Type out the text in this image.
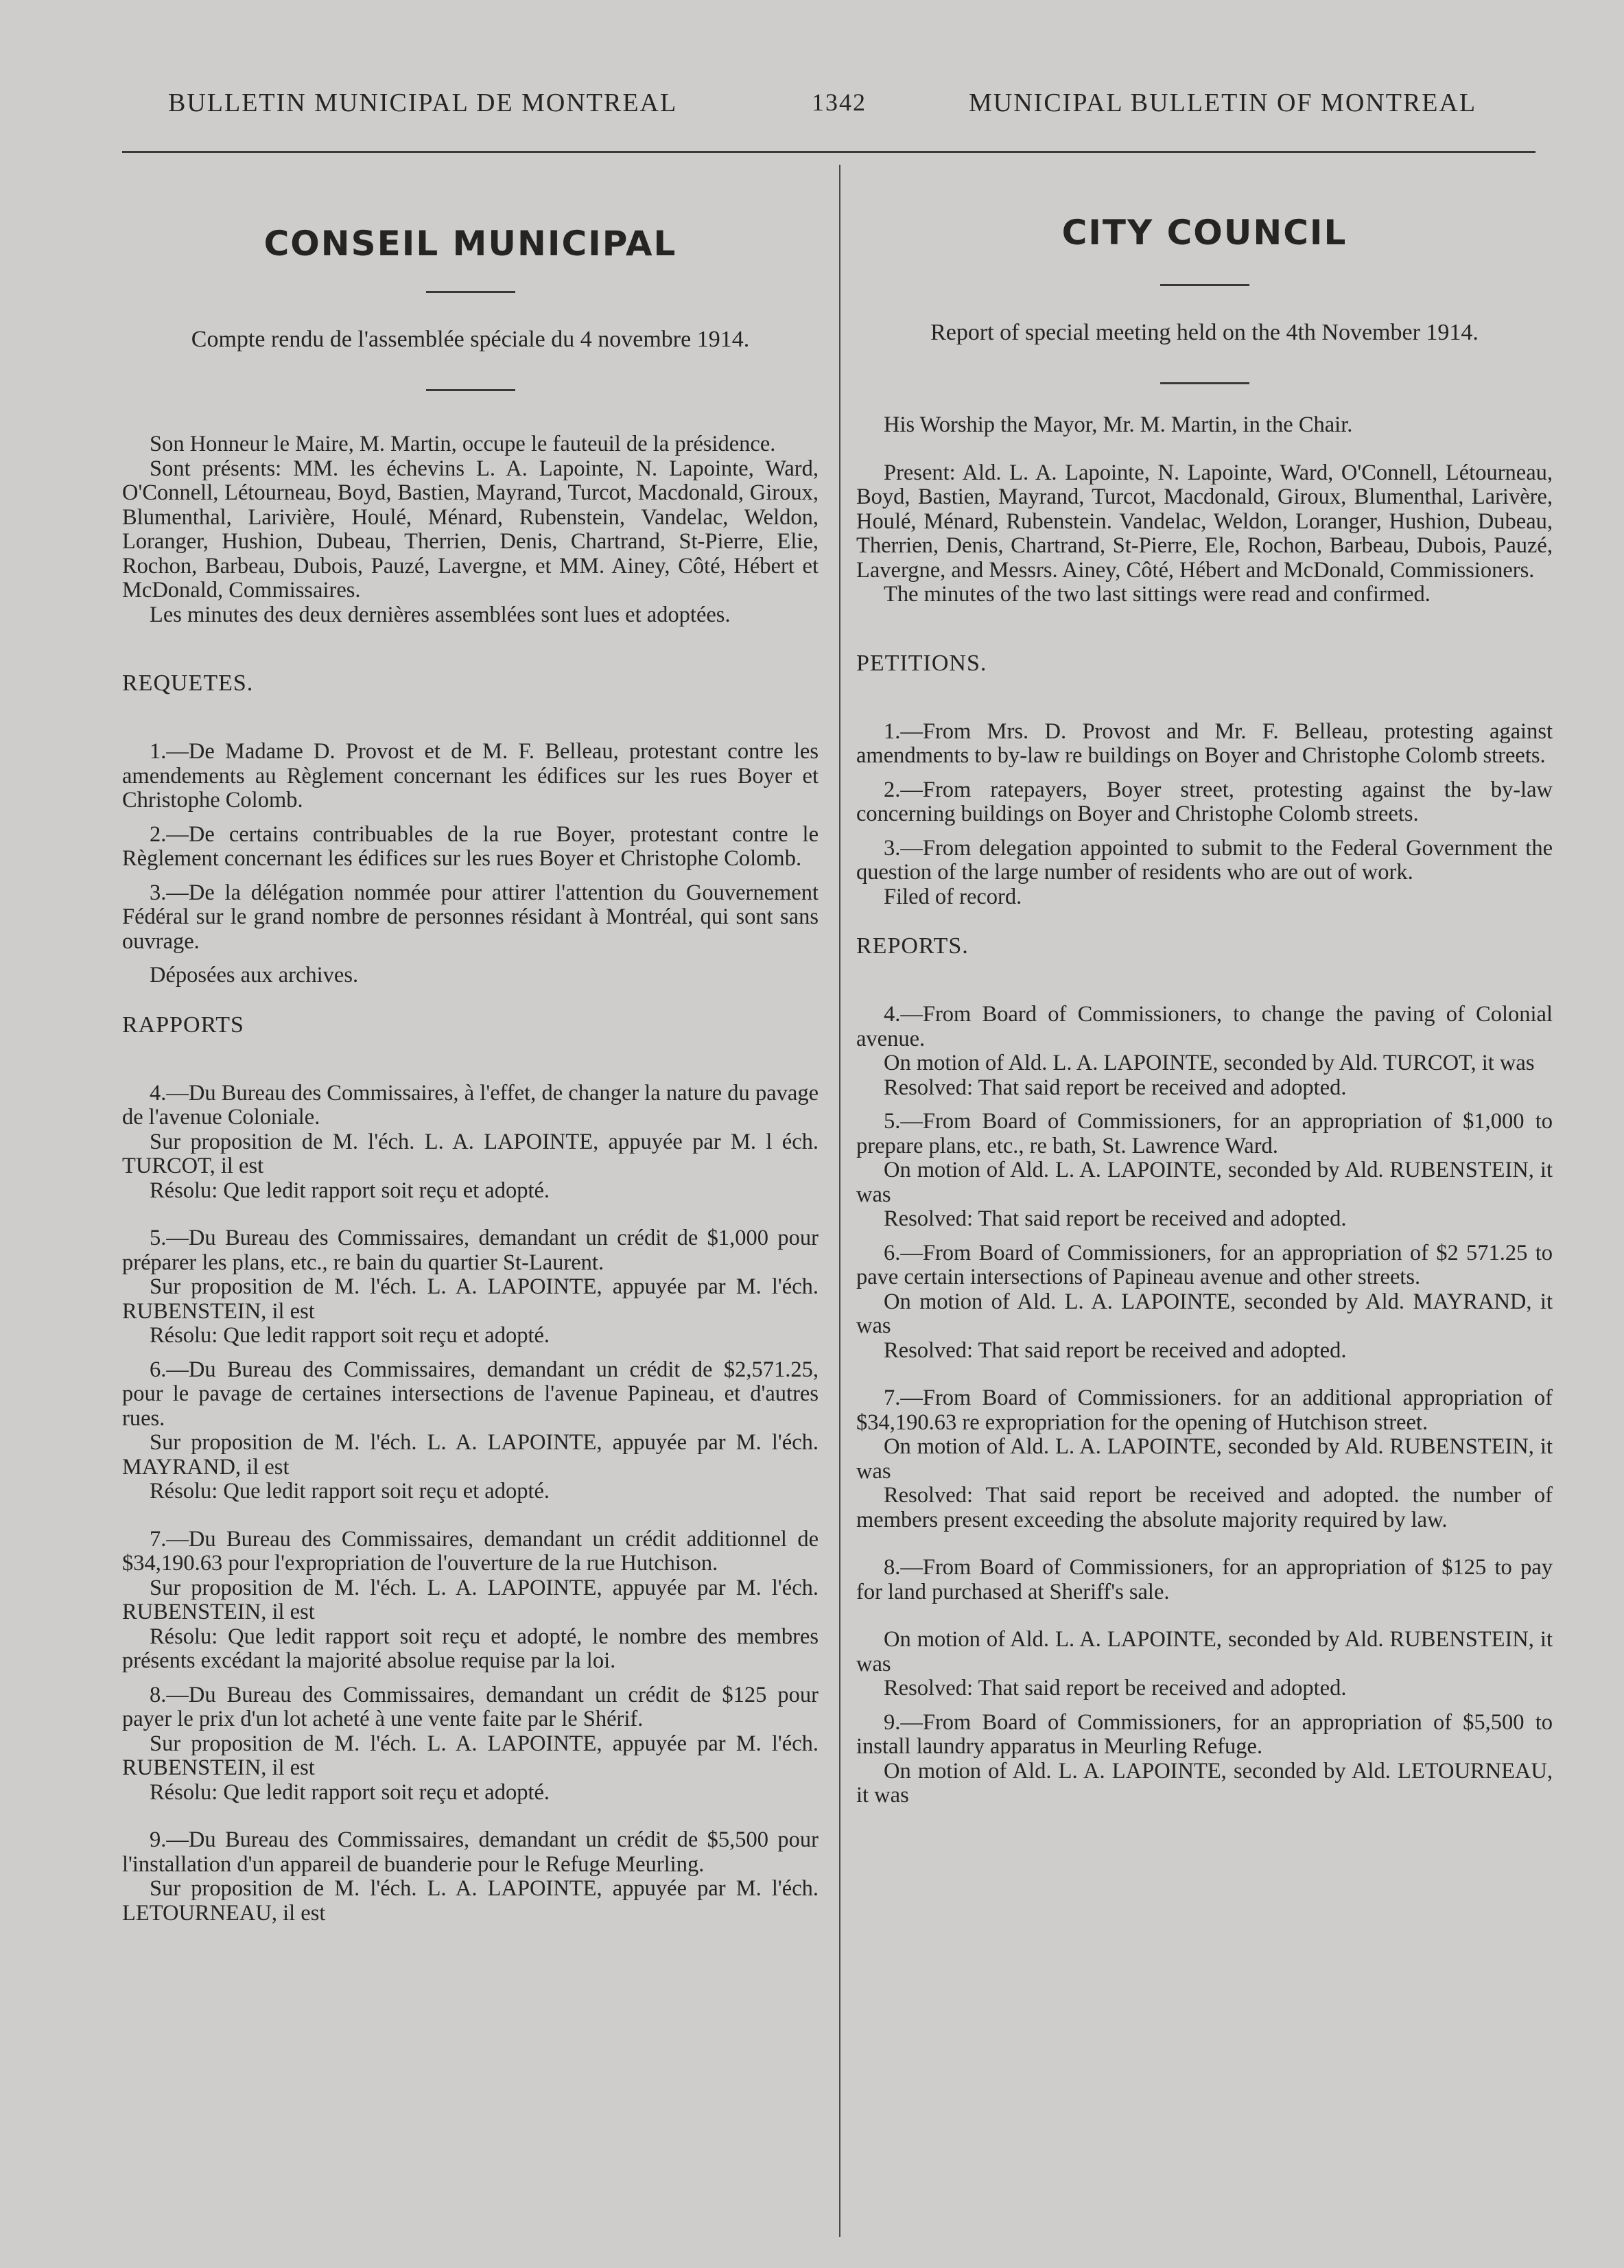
BULLETIN MUNICIPAL DE MONTREAL	1342	MUNICIPAL BULLETIN OF MONTREAL
CONSEIL MUNICIPAL
Compte rendu de l'assemblée spéciale du 4 novembre 1914.

Son Honneur le Maire, M. Martin, occupe le fauteuil de la présidence.

Sont présents: MM. les échevins L. A. Lapointe, N. Lapointe, Ward, O'Connell, Létourneau, Boyd, Bastien, Mayrand, Turcot, Macdonald, Giroux, Blumenthal, Larivière, Houlé, Ménard, Rubenstein, Vandelac, Weldon, Loranger, Hushion, Dubeau, Therrien, Denis, Chartrand, St-Pierre, Elie, Rochon, Barbeau, Dubois, Pauzé, Lavergne, et MM. Ainey, Côté, Hébert et McDonald, Commissaires.

Les minutes des deux dernières assemblées sont lues et adoptées.

REQUETES.

1.—De Madame D. Provost et de M. F. Belleau, protestant contre les amendements au Règlement concernant les édifices sur les rues Boyer et Christophe Colomb.

2.—De certains contribuables de la rue Boyer, protestant contre le Règlement concernant les édifices sur les rues Boyer et Christophe Colomb.

3.—De la délégation nommée pour attirer l'attention du Gouvernement Fédéral sur le grand nombre de personnes résidant à Montréal, qui sont sans ouvrage.

Déposées aux archives.

RAPPORTS

4.—Du Bureau des Commissaires, à l'effet, de changer la nature du pavage de l'avenue Coloniale.

Sur proposition de M. l'éch. L. A. LAPOINTE, appuyée par M. l éch. TURCOT, il est

Résolu: Que ledit rapport soit reçu et adopté.

5.—Du Bureau des Commissaires, demandant un crédit de $1,000 pour préparer les plans, etc., re bain du quartier St-Laurent.

Sur proposition de M. l'éch. L. A. LAPOINTE, appuyée par M. l'éch. RUBENSTEIN, il est

Résolu: Que ledit rapport soit reçu et adopté.

6.—Du Bureau des Commissaires, demandant un crédit de $2,571.25, pour le pavage de certaines intersections de l'avenue Papineau, et d'autres rues.

Sur proposition de M. l'éch. L. A. LAPOINTE, appuyée par M. l'éch. MAYRAND, il est

Résolu: Que ledit rapport soit reçu et adopté.

7.—Du Bureau des Commissaires, demandant un crédit additionnel de $34,190.63 pour l'expropriation de l'ouverture de la rue Hutchison.

Sur proposition de M. l'éch. L. A. LAPOINTE, appuyée par M. l'éch. RUBENSTEIN, il est

Résolu: Que ledit rapport soit reçu et adopté, le nombre des membres présents excédant la majorité absolue requise par la loi.

8.—Du Bureau des Commissaires, demandant un crédit de $125 pour payer le prix d'un lot acheté à une vente faite par le Shérif.

Sur proposition de M. l'éch. L. A. LAPOINTE, appuyée par M. l'éch. RUBENSTEIN, il est

Résolu: Que ledit rapport soit reçu et adopté.

9.—Du Bureau des Commissaires, demandant un crédit de $5,500 pour l'installation d'un appareil de buanderie pour le Refuge Meurling.

Sur proposition de M. l'éch. L. A. LAPOINTE, appuyée par M. l'éch. LETOURNEAU, il est

CITY COUNCIL
Report of special meeting held on the 4th November 1914.

His Worship the Mayor, Mr. M. Martin, in the Chair.

Present: Ald. L. A. Lapointe, N. Lapointe, Ward, O'Connell, Létourneau, Boyd, Bastien, Mayrand, Turcot, Macdonald, Giroux, Blumenthal, Larivère, Houlé, Ménard, Rubenstein. Vandelac, Weldon, Loranger, Hushion, Dubeau, Therrien, Denis, Chartrand, St-Pierre, Ele, Rochon, Barbeau, Dubois, Pauzé, Lavergne, and Messrs. Ainey, Côté, Hébert and McDonald, Commissioners.

The minutes of the two last sittings were read and confirmed.

PETITIONS.

1.—From Mrs. D. Provost and Mr. F. Belleau, protesting against amendments to by-law re buildings on Boyer and Christophe Colomb streets.

2.—From ratepayers, Boyer street, protesting against the by-law concerning buildings on Boyer and Christophe Colomb streets.

3.—From delegation appointed to submit to the Federal Government the question of the large number of residents who are out of work.

Filed of record.

REPORTS.

4.—From Board of Commissioners, to change the paving of Colonial avenue.

On motion of Ald. L. A. LAPOINTE, seconded by Ald. TURCOT, it was

Resolved: That said report be received and adopted.

5.—From Board of Commissioners, for an appropriation of $1,000 to prepare plans, etc., re bath, St. Lawrence Ward.

On motion of Ald. L. A. LAPOINTE, seconded by Ald. RUBENSTEIN, it was

Resolved: That said report be received and adopted.

6.—From Board of Commissioners, for an appropriation of $2 571.25 to pave certain intersections of Papineau avenue and other streets.

On motion of Ald. L. A. LAPOINTE, seconded by Ald. MAYRAND, it was

Resolved: That said report be received and adopted.

7.—From Board of Commissioners. for an additional appropriation of $34,190.63 re expropriation for the opening of Hutchison street.

On motion of Ald. L. A. LAPOINTE, seconded by Ald. RUBENSTEIN, it was

Resolved: That said report be received and adopted. the number of members present exceeding the absolute majority required by law.

8.—From Board of Commissioners, for an appropriation of $125 to pay for land purchased at Sheriff's sale.

On motion of Ald. L. A. LAPOINTE, seconded by Ald. RUBENSTEIN, it was

Resolved: That said report be received and adopted.

9.—From Board of Commissioners, for an appropriation of $5,500 to install laundry apparatus in Meurling Refuge.

On motion of Ald. L. A. LAPOINTE, seconded by Ald. LETOURNEAU, it was
